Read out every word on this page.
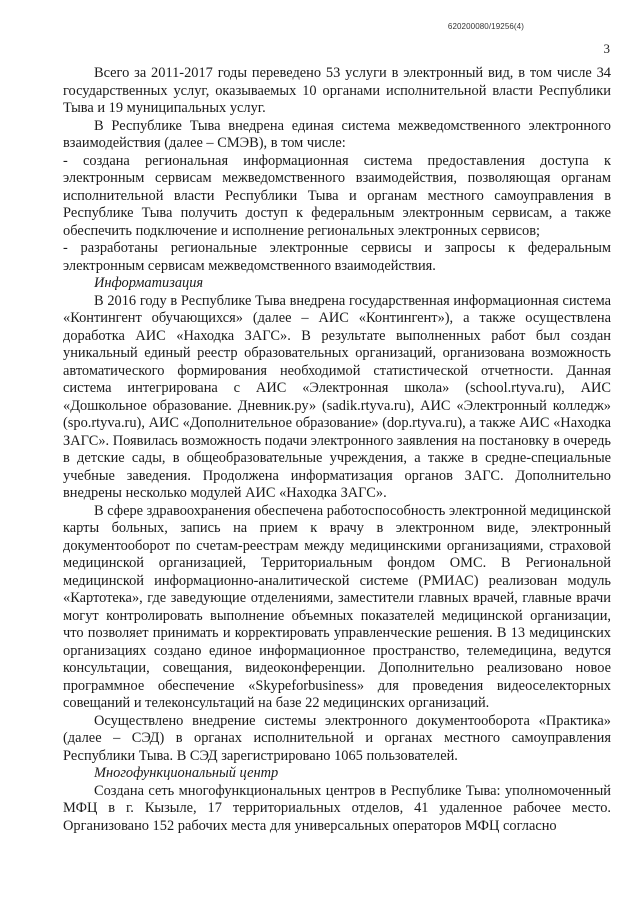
620200080/19256(4)
3

Всего за 2011-2017 годы переведено 53 услуги в электронный вид, в том числе 34 государственных услуг, оказываемых 10 органами исполнительной власти Республики Тыва и 19 муниципальных услуг.

В Республике Тыва внедрена единая система межведомственного электронного взаимодействия (далее – СМЭВ), в том числе:

- создана региональная информационная система предоставления доступа к электронным сервисам межведомственного взаимодействия, позволяющая органам исполнительной власти Республики Тыва и органам местного самоуправления в Республике Тыва получить доступ к федеральным электронным сервисам, а также обеспечить подключение и исполнение региональных электронных сервисов;

- разработаны региональные электронные сервисы и запросы к федеральным электронным сервисам межведомственного взаимодействия.

Информатизация

В 2016 году в Республике Тыва внедрена государственная информационная система «Контингент обучающихся» (далее – АИС «Контингент»), а также осуществлена доработка АИС «Находка ЗАГС». В результате выполненных работ был создан уникальный единый реестр образовательных организаций, организована возможность автоматического формирования необходимой статистической отчетности. Данная система интегрирована с АИС «Электронная школа» (school.rtyva.ru), АИС «Дошкольное образование. Дневник.ру» (sadik.rtyva.ru), АИС «Электронный колледж» (spo.rtyva.ru), АИС «Дополнительное образование» (dop.rtyva.ru), а также АИС «Находка ЗАГС». Появилась возможность подачи электронного заявления на постановку в очередь в детские сады, в общеобразовательные учреждения, а также в средне-специальные учебные заведения. Продолжена информатизация органов ЗАГС. Дополнительно внедрены несколько модулей АИС «Находка ЗАГС».

В сфере здравоохранения обеспечена работоспособность электронной медицинской карты больных, запись на прием к врачу в электронном виде, электронный документооборот по счетам-реестрам между медицинскими организациями, страховой медицинской организацией, Территориальным фондом ОМС. В Региональной медицинской информационно-аналитической системе (РМИАС) реализован модуль «Картотека», где заведующие отделениями, заместители главных врачей, главные врачи могут контролировать выполнение объемных показателей медицинской организации, что позволяет принимать и корректировать управленческие решения. В 13 медицинских организациях создано единое информационное пространство, телемедицина, ведутся консультации, совещания, видеоконференции. Дополнительно реализовано новое программное обеспечение «Skypeforbusiness» для проведения видеоселекторных совещаний и телеконсультаций на базе 22 медицинских организаций.

Осуществлено внедрение системы электронного документооборота «Практика» (далее – СЭД) в органах исполнительной и органах местного самоуправления Республики Тыва. В СЭД зарегистрировано 1065 пользователей.

Многофункциональный центр

Создана сеть многофункциональных центров в Республике Тыва: уполномоченный МФЦ в г. Кызыле, 17 территориальных отделов, 41 удаленное рабочее место. Организовано 152 рабочих места для универсальных операторов МФЦ согласно
